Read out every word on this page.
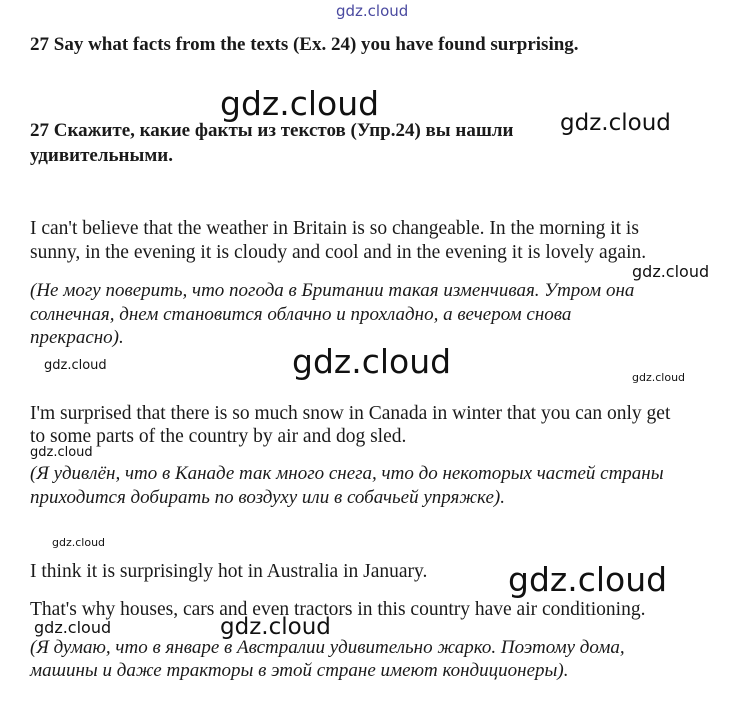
gdz.cloud
gdz.cloud	gdz.cloud
gdz.cloud
gdz.cloud
gdz.cloud
gdz.cloud
gdz.cloud
gdz.cloud
gdz.cloud
gdz.cloud	gdz.cloud
27 Say what facts from the texts (Ex. 24) you have found surprising.
27 Скажите, какие факты из текстов (Упр.24) вы нашли
удивительными.
I can't believe that the weather in Britain is so changeable. In the morning it is
sunny, in the evening it is cloudy and cool and in the evening it is lovely again.
(Не могу поверить, что погода в Британии такая изменчивая. Утром она
солнечная, днем становится облачно и прохладно, а вечером снова
прекрасно).
I'm surprised that there is so much snow in Canada in winter that you can only get
to some parts of the country by air and dog sled.
(Я удивлён, что в Канаде так много снега, что до некоторых частей страны
приходится добирать по воздуху или в собачьей упряжке).
I think it is surprisingly hot in Australia in January.
That's why houses, cars and even tractors in this country have air conditioning.
(Я думаю, что в январе в Австралии удивительно жарко. Поэтому дома,
машины и даже тракторы в этой стране имеют кондиционеры).
